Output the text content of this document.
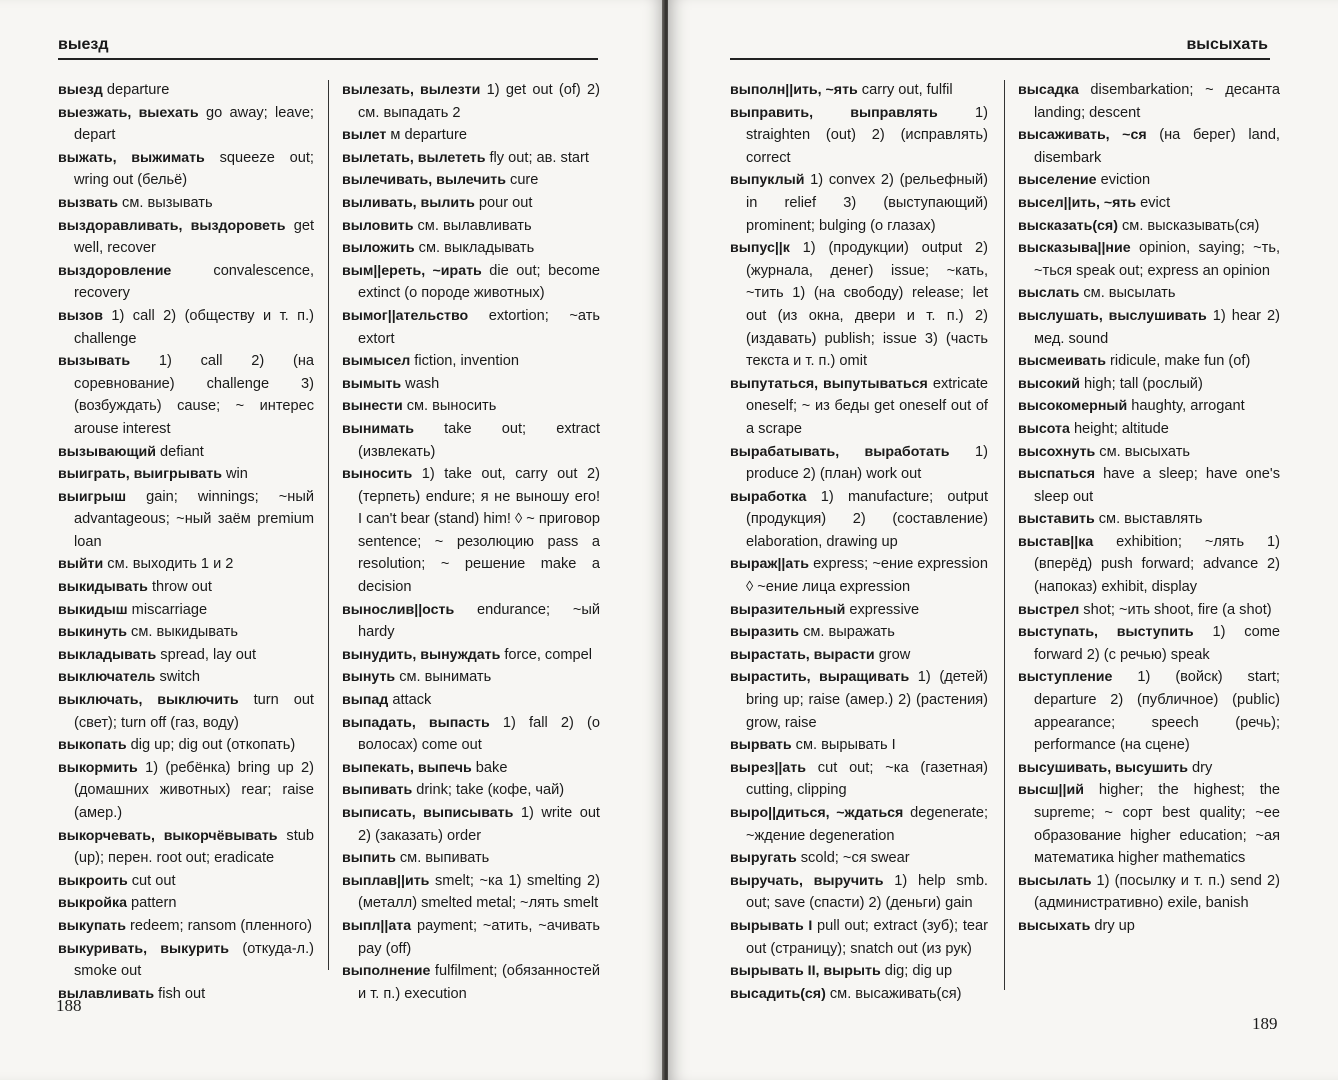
выезд

выезд departure

выезжать, выехать go away; leave; depart

выжать, выжимать squeeze out; wring out (бельё)

вызвать см. вызывать

выздоравливать, выздороветь get well, recover

выздоровление convalescence, recovery

вызов 1) call 2) (обществу и т. п.) challenge

вызывать 1) call 2) (на соревнование) challenge 3) (возбуждать) cause; ~ интерес arouse interest

вызывающий defiant

выиграть, выигрывать win

выигрыш gain; winnings; ~ный advantageous; ~ный заём premium loan

выйти см. выходить 1 и 2

выкидывать throw out

выкидыш miscarriage

выкинуть см. выкидывать

выкладывать spread, lay out

выключатель switch

выключать, выключить turn out (свет); turn off (газ, воду)

выкопать dig up; dig out (откопать)

выкормить 1) (ребёнка) bring up 2) (домашних животных) rear; raise (амер.)

выкорчевать, выкорчёвывать stub (up); перен. root out; eradicate

выкроить cut out

выкройка pattern

выкупать redeem; ransom (пленного)

выкуривать, выкурить (откуда-л.) smoke out

вылавливать fish out

вылезать, вылезти 1) get out (of) 2) см. выпадать 2

вылет м departure

вылетать, вылететь fly out; ав. start

вылечивать, вылечить cure

выливать, вылить pour out

выловить см. вылавливать

выложить см. выкладывать

вым||ереть, ~ирать die out; become extinct (о породе животных)

вымог||ательство extortion; ~ать extort

вымысел fiction, invention

вымыть wash

вынести см. выносить

вынимать take out; extract (извлекать)

выносить 1) take out, carry out 2) (терпеть) endure; я не выношу его! I can't bear (stand) him! ◊ ~ приговор sentence; ~ резолюцию pass a resolution; ~ решение make a decision

вынослив||ость endurance; ~ый hardy

вынудить, вынуждать force, compel

вынуть см. вынимать

выпад attack

выпадать, выпасть 1) fall 2) (о волосах) come out

выпекать, выпечь bake

выпивать drink; take (кофе, чай)

выписать, выписывать 1) write out 2) (заказать) order

выпить см. выпивать

выплав||ить smelt; ~ка 1) smelting 2) (металл) smelted metal; ~лять smelt

выпл||ата payment; ~атить, ~ачивать pay (off)

выполнение fulfilment; (обязанностей и т. п.) execution

188
высыхать

выполн||ить, ~ять carry out, fulfil

выправить, выправлять 1) straighten (out) 2) (исправлять) correct

выпуклый 1) convex 2) (рельефный) in relief 3) (выступающий) prominent; bulging (о глазах)

выпус||к 1) (продукции) output 2) (журнала, денег) issue; ~кать, ~тить 1) (на свободу) release; let out (из окна, двери и т. п.) 2) (издавать) publish; issue 3) (часть текста и т. п.) omit

выпутаться, выпутываться extricate oneself; ~ из беды get oneself out of a scrape

вырабатывать, выработать 1) produce 2) (план) work out

выработка 1) manufacture; output (продукция) 2) (составление) elaboration, drawing up

выраж||ать express; ~ение expression ◊ ~ение лица expression

выразительный expressive

выразить см. выражать

вырастать, вырасти grow

вырастить, выращивать 1) (детей) bring up; raise (амер.) 2) (растения) grow, raise

вырвать см. вырывать I

вырез||ать cut out; ~ка (газетная) cutting, clipping

выро||диться, ~ждаться degenerate; ~ждение degeneration

выругать scold; ~ся swear

выручать, выручить 1) help smb. out; save (спасти) 2) (деньги) gain

вырывать I pull out; extract (зуб); tear out (страницу); snatch out (из рук)

вырывать II, вырыть dig; dig up

высадить(ся) см. высаживать(ся)

высадка disembarkation; ~ десанта landing; descent

высаживать, ~ся (на берег) land, disembark

выселение eviction

высел||ить, ~ять evict

высказать(ся) см. высказывать(ся)

высказыва||ние opinion, saying; ~ть, ~ться speak out; express an opinion

выслать см. высылать

выслушать, выслушивать 1) hear 2) мед. sound

высмеивать ridicule, make fun (of)

высокий high; tall (рослый)

высокомерный haughty, arrogant

высота height; altitude

высохнуть см. высыхать

выспаться have a sleep; have one's sleep out

выставить см. выставлять

выстав||ка exhibition; ~лять 1) (вперёд) push forward; advance 2) (напоказ) exhibit, display

выстрел shot; ~ить shoot, fire (a shot)

выступать, выступить 1) come forward 2) (с речью) speak

выступление 1) (войск) start; departure 2) (публичное) (public) appearance; speech (речь); performance (на сцене)

высушивать, высушить dry

высш||ий higher; the highest; the supreme; ~ сорт best quality; ~ее образование higher education; ~ая математика higher mathematics

высылать 1) (посылку и т. п.) send 2) (административно) exile, banish

высыхать dry up

189
